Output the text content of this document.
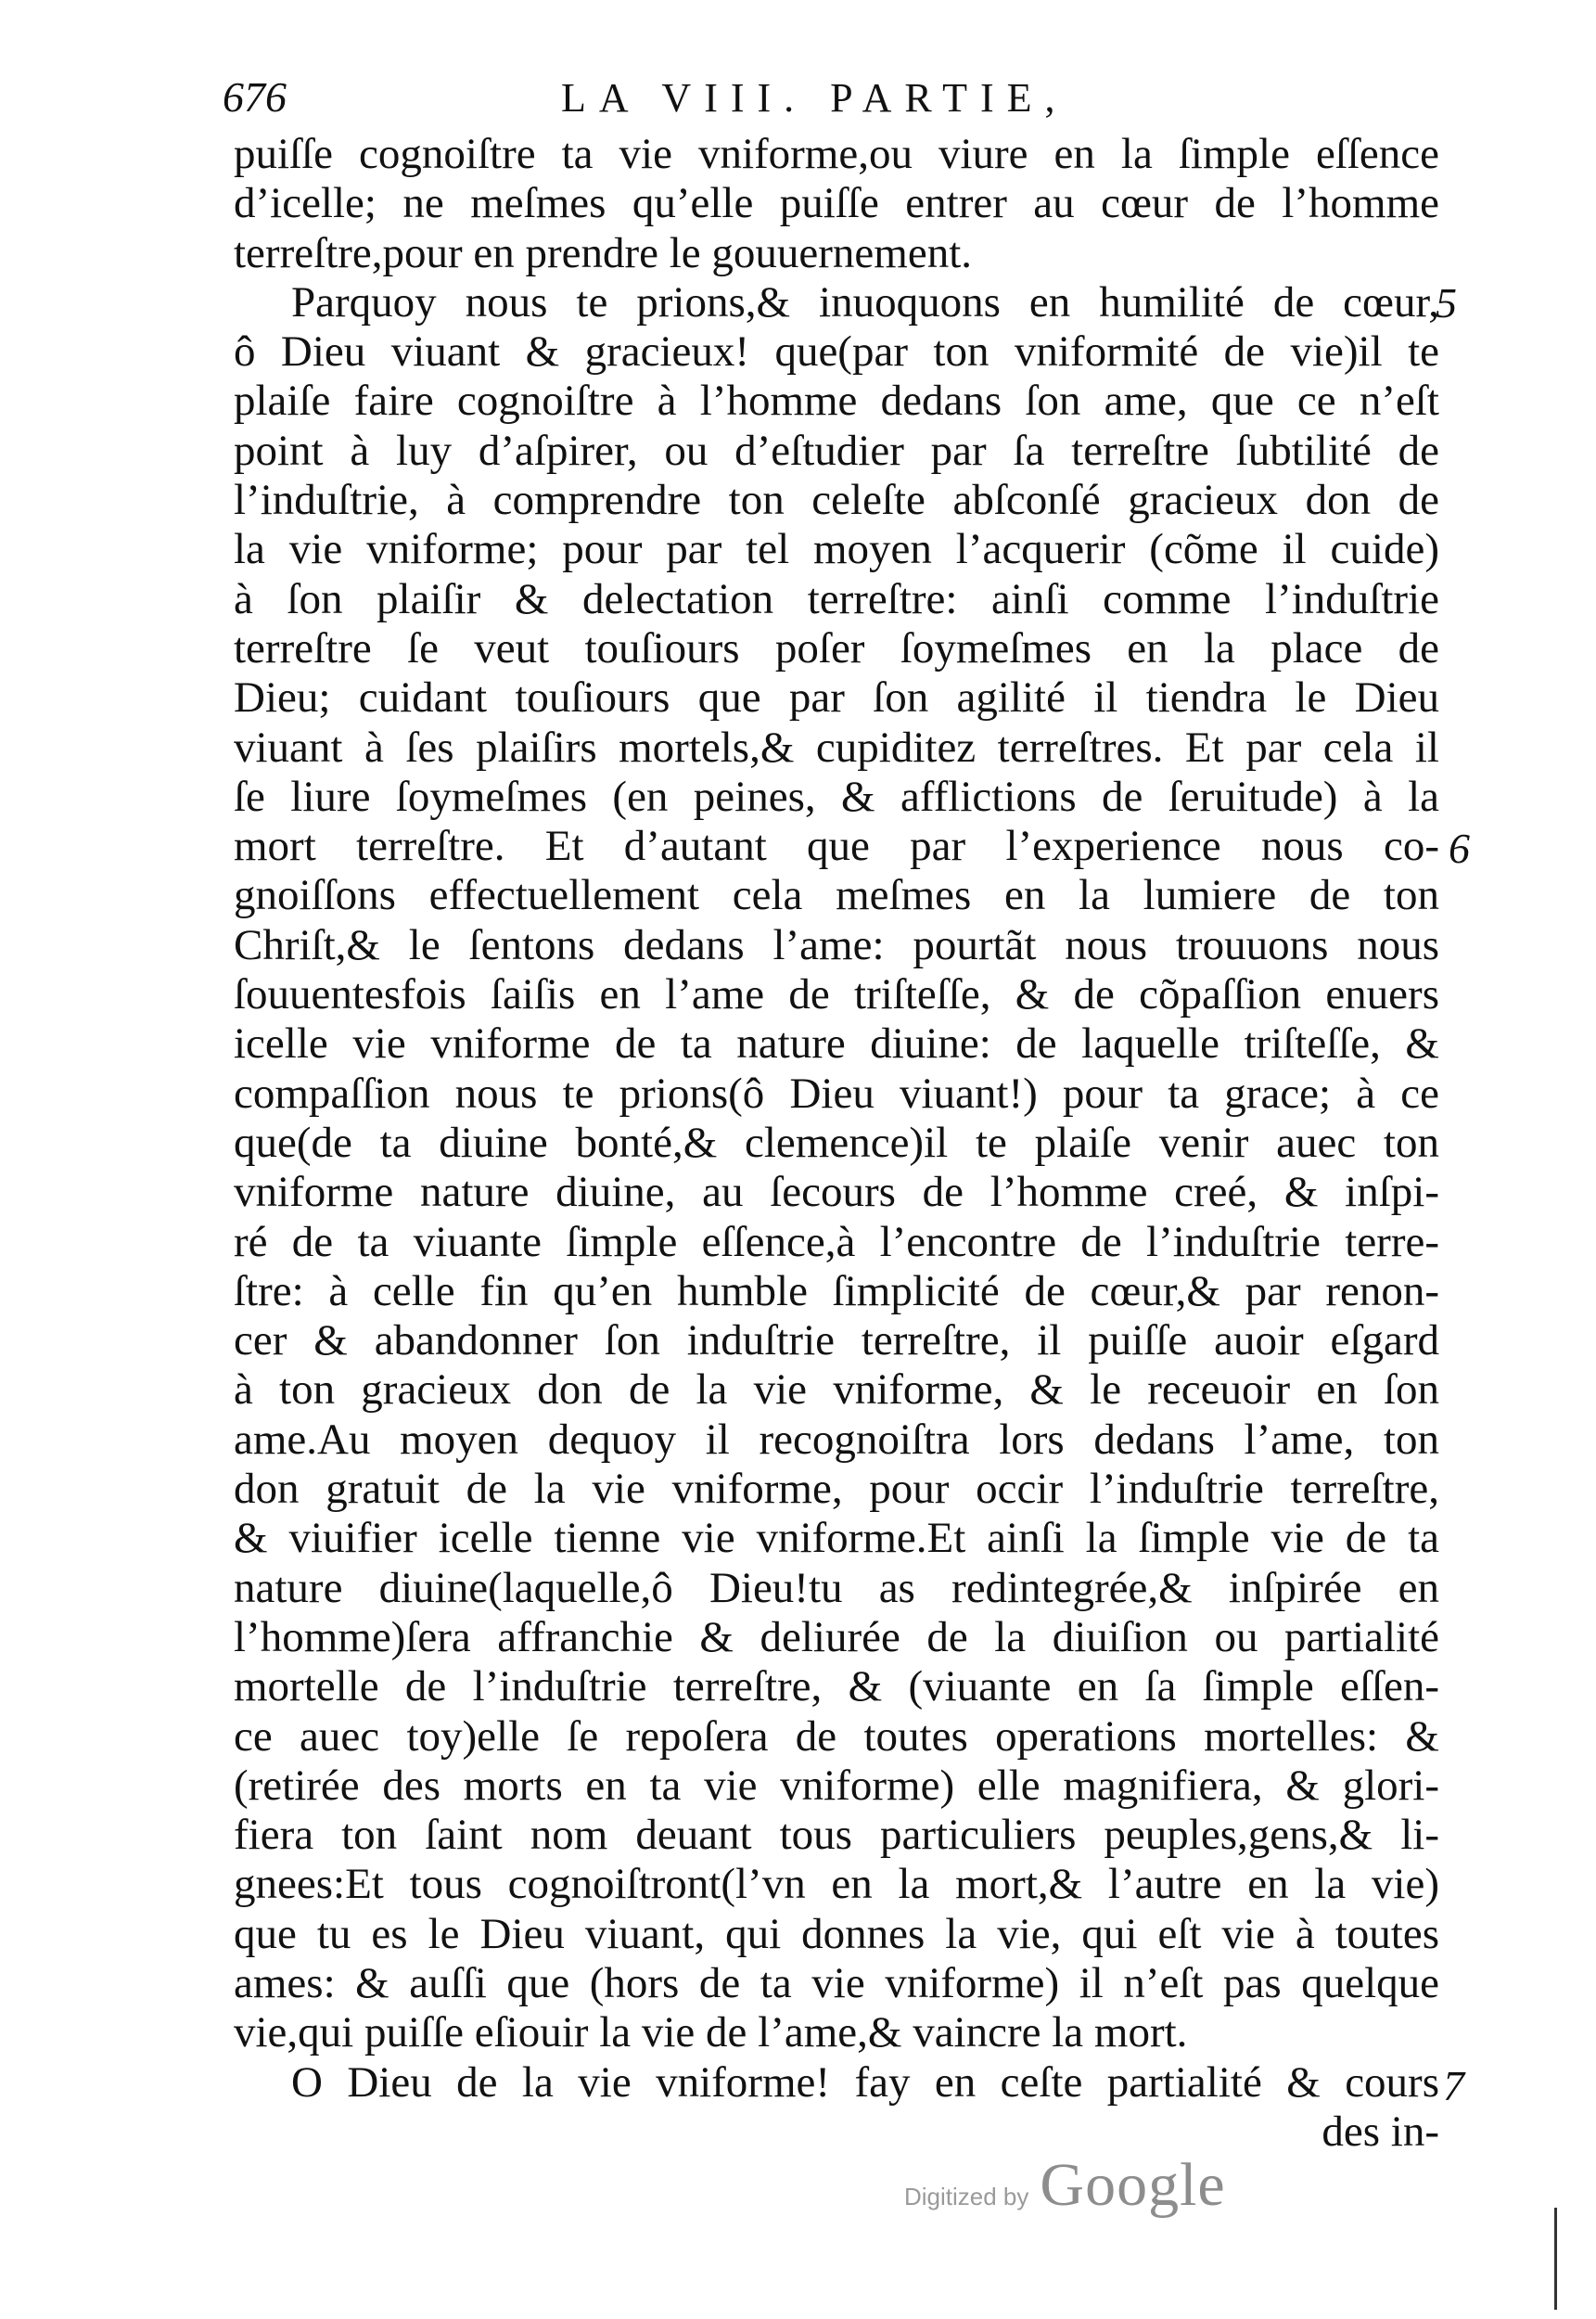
676	LA VIII. PARTIE,
puiſſe cognoiſtre ta vie vniforme,ou viure en la ſimple eſſence
d’icelle; ne meſmes qu’elle puiſſe entrer au cœur de l’homme
terreſtre,pour en prendre le gouuernement.
Parquoy nous te prions,& inuoquons en humilité de cœur,
ô Dieu viuant & gracieux! que(par ton vniformité de vie)il te
plaiſe faire cognoiſtre à l’homme dedans ſon ame, que ce n’eſt
point à luy d’aſpirer, ou d’eſtudier par ſa terreſtre ſubtilité de
l’induſtrie, à comprendre ton celeſte abſconſé gracieux don de
la vie vniforme; pour par tel moyen l’acquerir (cõme il cuide)
à ſon plaiſir & delectation terreſtre: ainſi comme l’induſtrie
terreſtre ſe veut touſiours poſer ſoymeſmes en la place de
Dieu; cuidant touſiours que par ſon agilité il tiendra le Dieu
viuant à ſes plaiſirs mortels,& cupiditez terreſtres. Et par cela il
ſe liure ſoymeſmes (en peines, & afflictions de ſeruitude) à la
mort terreſtre. Et d’autant que par l’experience nous co-
gnoiſſons effectuellement cela meſmes en la lumiere de ton
Chriſt,& le ſentons dedans l’ame: pourtãt nous trouuons nous
ſouuentesfois ſaiſis en l’ame de triſteſſe, & de cõpaſſion enuers
icelle vie vniforme de ta nature diuine: de laquelle triſteſſe, &
compaſſion nous te prions(ô Dieu viuant!) pour ta grace; à ce
que(de ta diuine bonté,& clemence)il te plaiſe venir auec ton
vniforme nature diuine, au ſecours de l’homme creé, & inſpi-
ré de ta viuante ſimple eſſence,à l’encontre de l’induſtrie terre-
ſtre: à celle fin qu’en humble ſimplicité de cœur,& par renon-
cer & abandonner ſon induſtrie terreſtre, il puiſſe auoir eſgard
à ton gracieux don de la vie vniforme, & le receuoir en ſon
ame.Au moyen dequoy il recognoiſtra lors dedans l’ame, ton
don gratuit de la vie vniforme, pour occir l’induſtrie terreſtre,
& viuifier icelle tienne vie vniforme.Et ainſi la ſimple vie de ta
nature diuine(laquelle,ô Dieu!tu as redintegrée,& inſpirée en
l’homme)ſera affranchie & deliurée de la diuiſion ou partialité
mortelle de l’induſtrie terreſtre, & (viuante en ſa ſimple eſſen-
ce auec toy)elle ſe repoſera de toutes operations mortelles: &
(retirée des morts en ta vie vniforme) elle magnifiera, & glori-
fiera ton ſaint nom deuant tous particuliers peuples,gens,& li-
gnees:Et tous cognoiſtront(l’vn en la mort,& l’autre en la vie)
que tu es le Dieu viuant, qui donnes la vie, qui eſt vie à toutes
ames: & auſſi que (hors de ta vie vniforme) il n’eſt pas quelque
vie,qui puiſſe eſiouir la vie de l’ame,& vaincre la mort.
O Dieu de la vie vniforme! fay en ceſte partialité & cours
des in-
5
6
7
Digitized by Google
